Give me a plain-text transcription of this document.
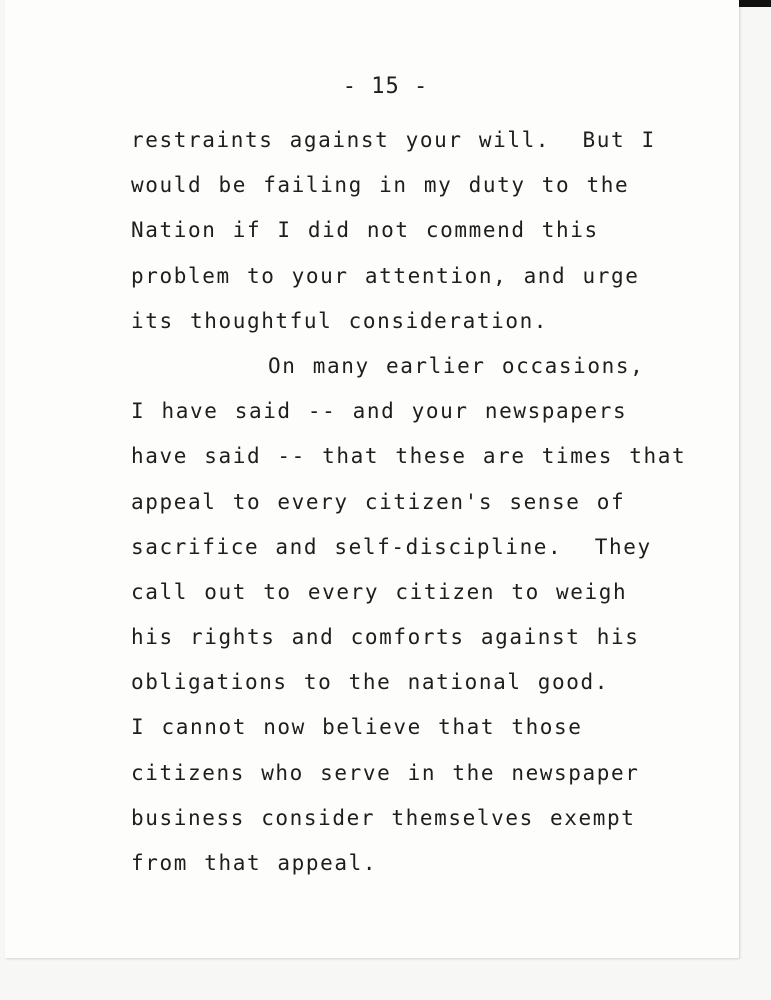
- 15 -
restraints against your will.  But I
would be failing in my duty to the
Nation if I did not commend this
problem to your attention, and urge
its thoughtful consideration.
On many earlier occasions,
I have said -- and your newspapers
have said -- that these are times that
appeal to every citizen's sense of
sacrifice and self-discipline.  They
call out to every citizen to weigh
his rights and comforts against his
obligations to the national good.
I cannot now believe that those
citizens who serve in the newspaper
business consider themselves exempt
from that appeal.
